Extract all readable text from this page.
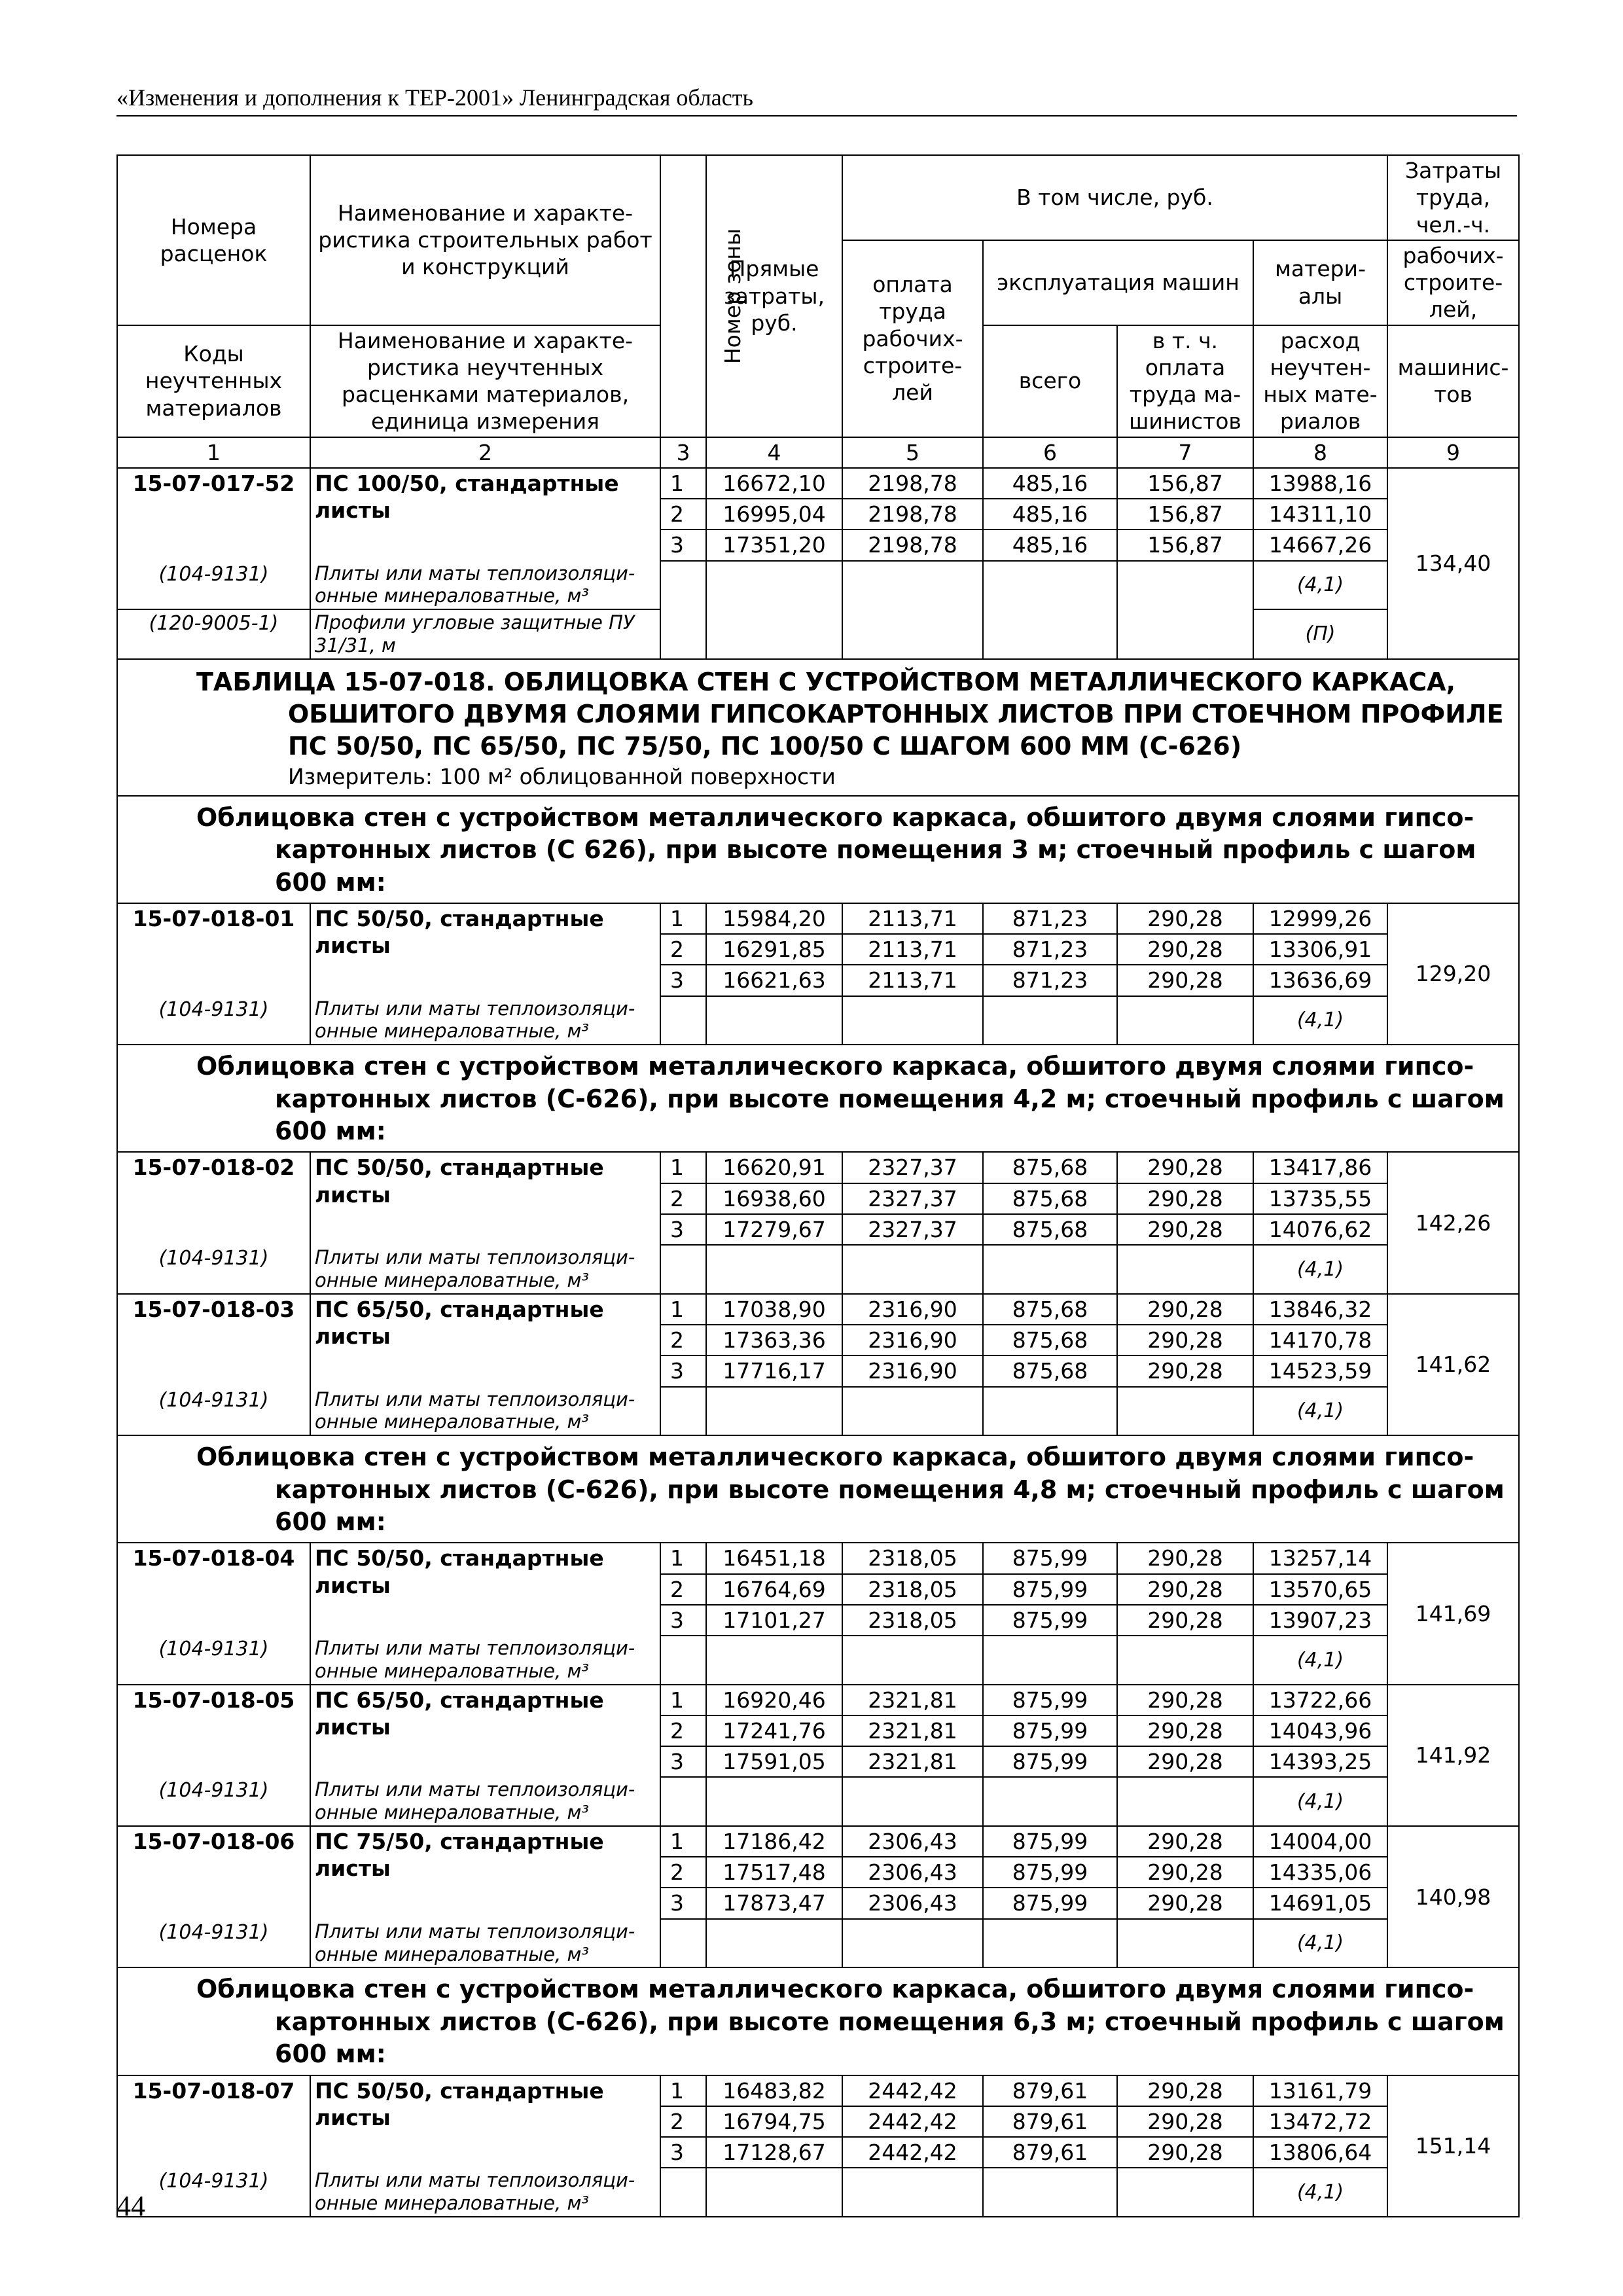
«Изменения и дополнения к ТЕР-2001» Ленинградская область
Номера расценок	Наименование и характе-ристика строительных работ и конструкций	Номер зоны	Прямые затраты, руб.	В том числе, руб.				Затраты труда, чел.-ч.
				оплата труда рабочих-строите-лей	эксплуатация машин		матери-алы	рабочих-строите-лей,
Коды неучтенных материалов	Наименование и характе-ристика неучтенных расценками материалов, единица измерения				всего	в т. ч. оплата труда ма-шинистов	расход неучтен-ных мате-риалов	машинис-тов

1	2	3	4	5	6	7	8	9
15-07-017-52	ПС 100/50, стандартные листы	1	16672,10	2198,78	485,16	156,87	13988,16	134,40
		2	16995,04	2198,78	485,16	156,87	14311,10	
		3	17351,20	2198,78	485,16	156,87	14667,26	
(104-9131)	Плиты или маты теплоизоляци-онные минераловатные, м³						(4,1)	
(120-9005-1)	Профили угловые защитные ПУ 31/31, м						(П)	

ТАБЛИЦА 15-07-018. ОБЛИЦОВКА СТЕН С УСТРОЙСТВОМ МЕТАЛЛИЧЕСКОГО КАРКАСА,
ОБШИТОГО ДВУМЯ СЛОЯМИ ГИПСОКАРТОННЫХ ЛИСТОВ ПРИ СТОЕЧНОМ ПРОФИЛЕ
ПС 50/50, ПС 65/50, ПС 75/50, ПС 100/50 С ШАГОМ 600 ММ (С-626)
Измеритель: 100 м² облицованной поверхности								

Облицовка стен с устройством металлического каркаса, обшитого двумя слоями гипсо-
картонных листов (С 626), при высоте помещения 3 м; стоечный профиль с шагом
600 мм:								

15-07-018-01	ПС 50/50, стандартные листы	1	15984,20	2113,71	871,23	290,28	12999,26	129,20
		2	16291,85	2113,71	871,23	290,28	13306,91	
		3	16621,63	2113,71	871,23	290,28	13636,69	
(104-9131)	Плиты или маты теплоизоляци-онные минераловатные, м³						(4,1)	

Облицовка стен с устройством металлического каркаса, обшитого двумя слоями гипсо-
картонных листов (С-626), при высоте помещения 4,2 м; стоечный профиль с шагом
600 мм:								

15-07-018-02	ПС 50/50, стандартные листы	1	16620,91	2327,37	875,68	290,28	13417,86	142,26
		2	16938,60	2327,37	875,68	290,28	13735,55	
		3	17279,67	2327,37	875,68	290,28	14076,62	
(104-9131)	Плиты или маты теплоизоляци-онные минераловатные, м³						(4,1)	
15-07-018-03	ПС 65/50, стандартные листы	1	17038,90	2316,90	875,68	290,28	13846,32	141,62
		2	17363,36	2316,90	875,68	290,28	14170,78	
		3	17716,17	2316,90	875,68	290,28	14523,59	
(104-9131)	Плиты или маты теплоизоляци-онные минераловатные, м³						(4,1)	

Облицовка стен с устройством металлического каркаса, обшитого двумя слоями гипсо-
картонных листов (С-626), при высоте помещения 4,8 м; стоечный профиль с шагом
600 мм:								

15-07-018-04	ПС 50/50, стандартные листы	1	16451,18	2318,05	875,99	290,28	13257,14	141,69
		2	16764,69	2318,05	875,99	290,28	13570,65	
		3	17101,27	2318,05	875,99	290,28	13907,23	
(104-9131)	Плиты или маты теплоизоляци-онные минераловатные, м³						(4,1)	
15-07-018-05	ПС 65/50, стандартные листы	1	16920,46	2321,81	875,99	290,28	13722,66	141,92
		2	17241,76	2321,81	875,99	290,28	14043,96	
		3	17591,05	2321,81	875,99	290,28	14393,25	
(104-9131)	Плиты или маты теплоизоляци-онные минераловатные, м³						(4,1)	
15-07-018-06	ПС 75/50, стандартные листы	1	17186,42	2306,43	875,99	290,28	14004,00	140,98
		2	17517,48	2306,43	875,99	290,28	14335,06	
		3	17873,47	2306,43	875,99	290,28	14691,05	
(104-9131)	Плиты или маты теплоизоляци-онные минераловатные, м³						(4,1)	

Облицовка стен с устройством металлического каркаса, обшитого двумя слоями гипсо-
картонных листов (С-626), при высоте помещения 6,3 м; стоечный профиль с шагом
600 мм:								

15-07-018-07	ПС 50/50, стандартные листы	1	16483,82	2442,42	879,61	290,28	13161,79	151,14
		2	16794,75	2442,42	879,61	290,28	13472,72	
		3	17128,67	2442,42	879,61	290,28	13806,64	
(104-9131)	Плиты или маты теплоизоляци-онные минераловатные, м³						(4,1)	
44
